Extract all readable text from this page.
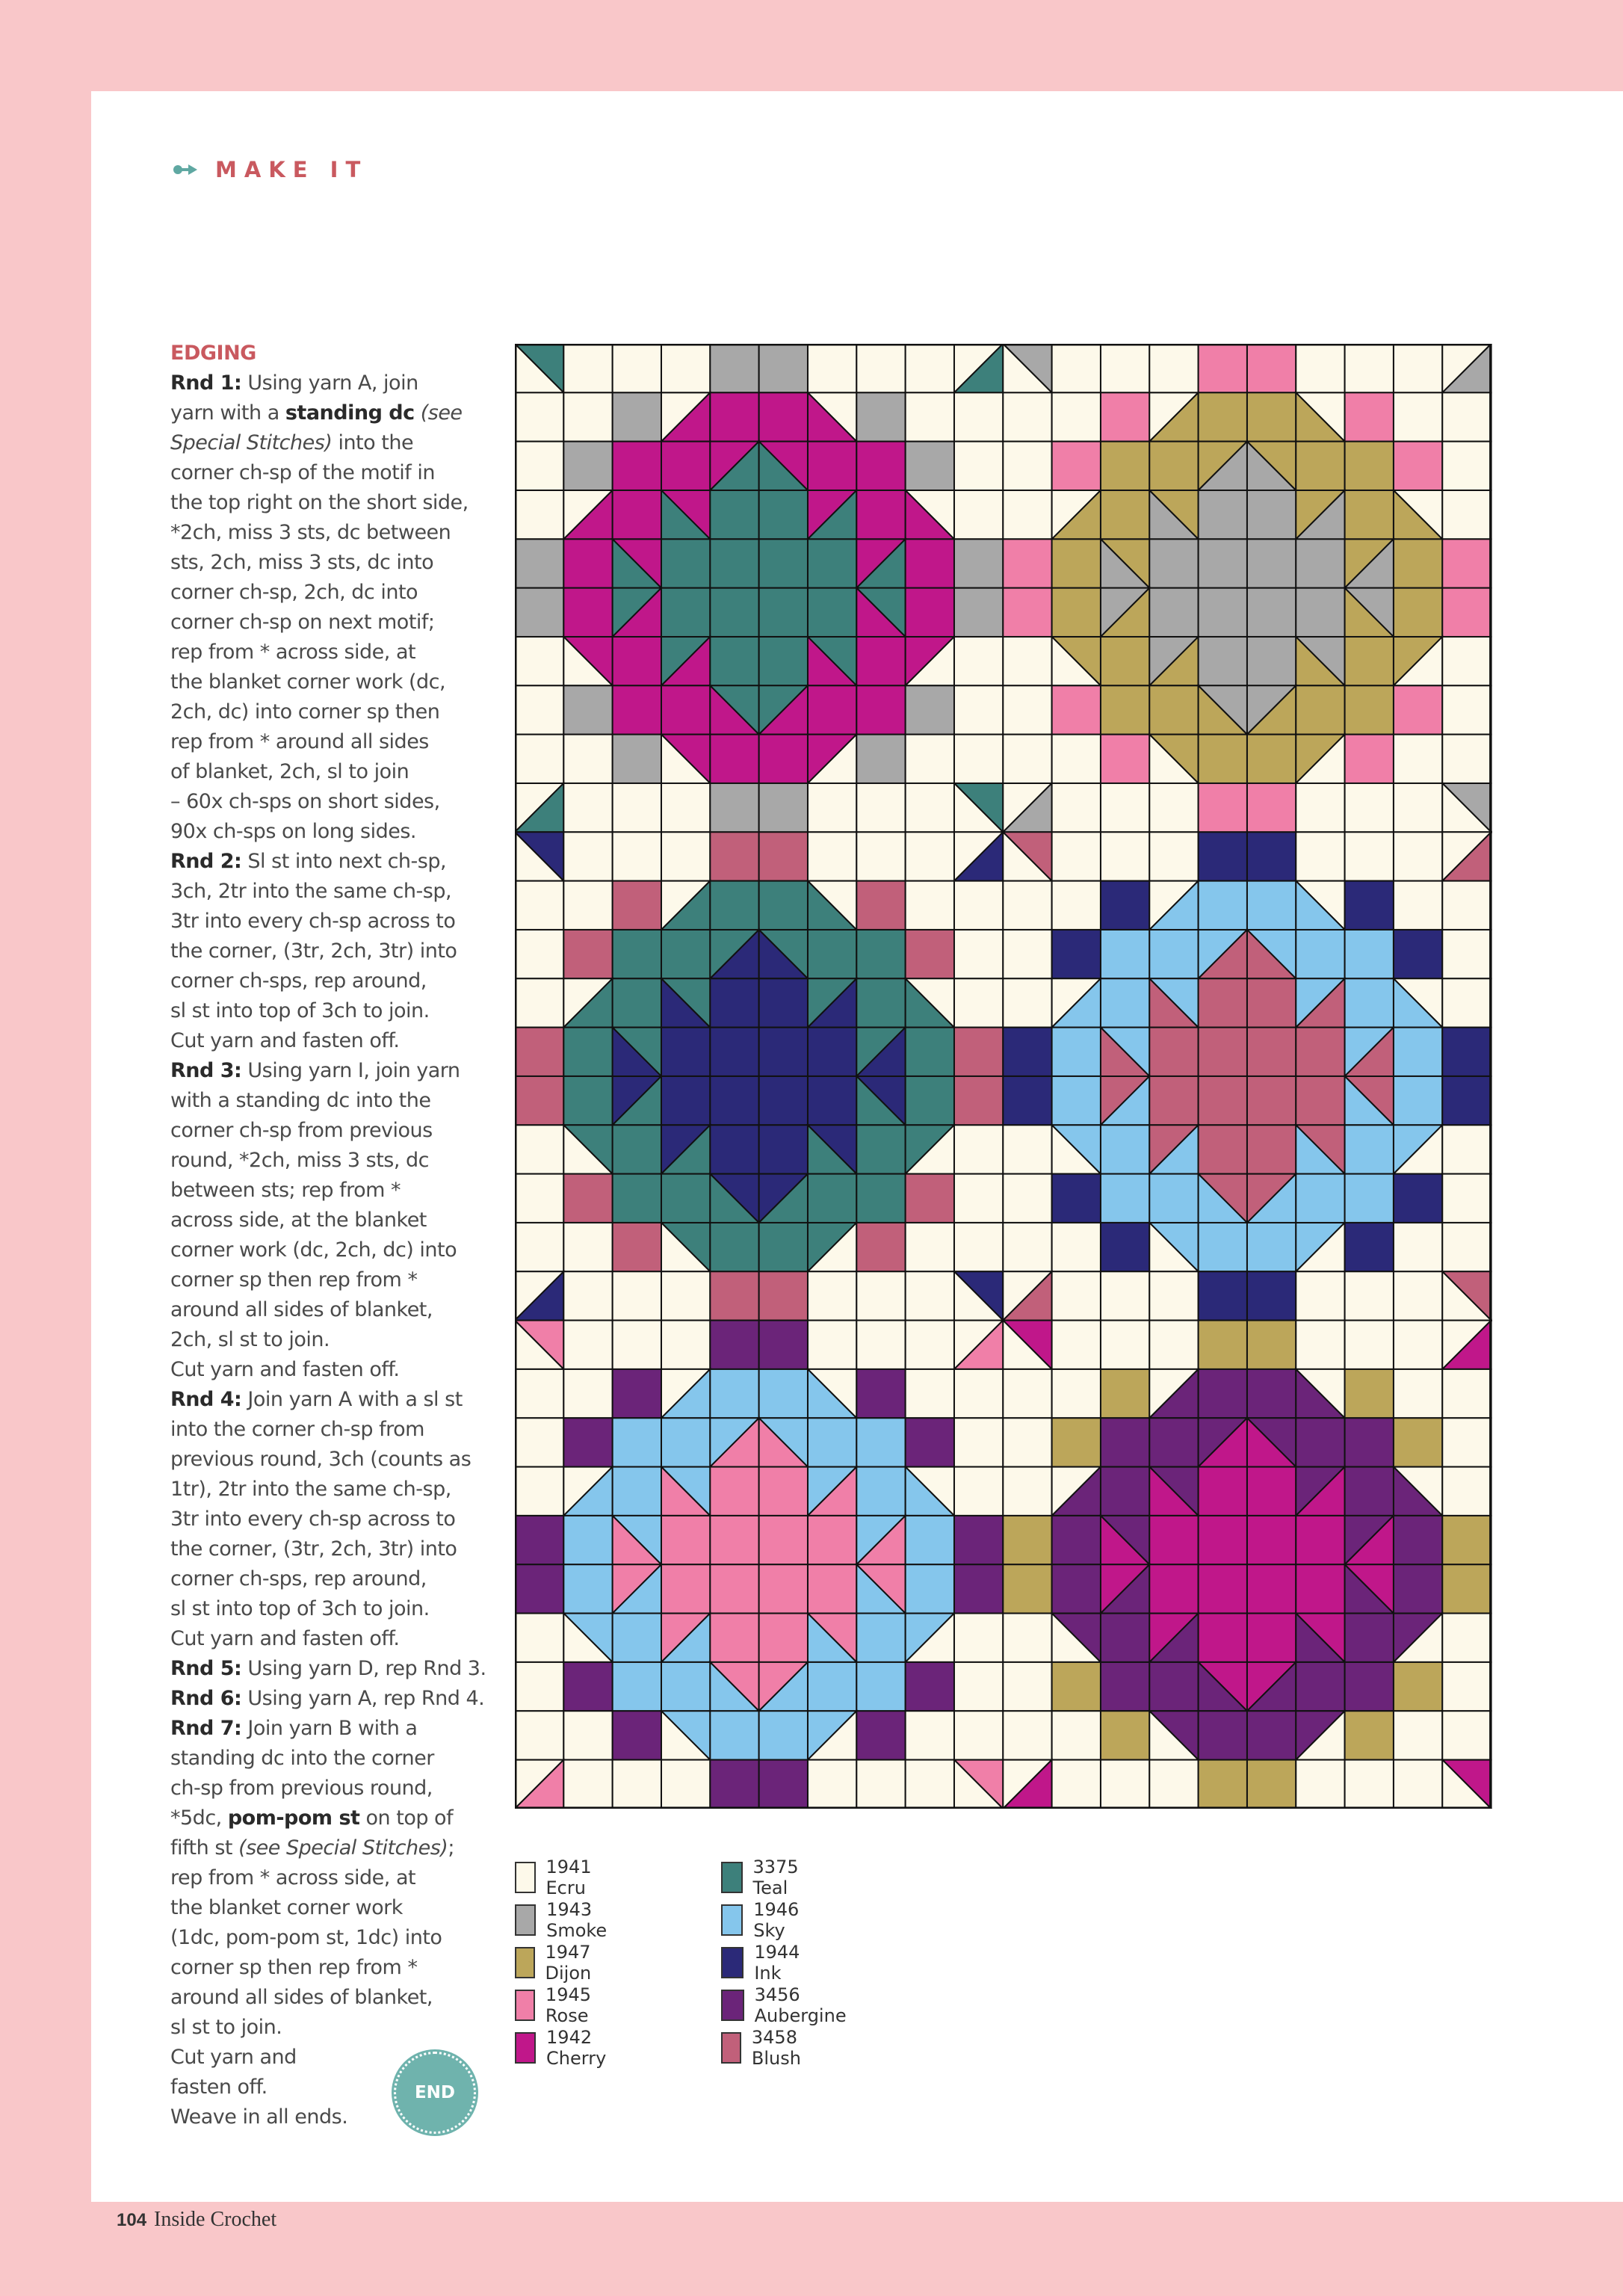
MAKE IT
EDGING
Rnd 1: Using yarn A, join
yarn with a standing dc (see
Special Stitches) into the
corner ch-sp of the motif in
the top right on the short side,
*2ch, miss 3 sts, dc between
sts, 2ch, miss 3 sts, dc into
corner ch-sp, 2ch, dc into
corner ch-sp on next motif;
rep from * across side, at
the blanket corner work (dc,
2ch, dc) into corner sp then
rep from * around all sides
of blanket, 2ch, sl to join
– 60x ch-sps on short sides,
90x ch-sps on long sides.
Rnd 2: Sl st into next ch-sp,
3ch, 2tr into the same ch-sp,
3tr into every ch-sp across to
the corner, (3tr, 2ch, 3tr) into
corner ch-sps, rep around,
sl st into top of 3ch to join.
Cut yarn and fasten off.
Rnd 3: Using yarn I, join yarn
with a standing dc into the
corner ch-sp from previous
round, *2ch, miss 3 sts, dc
between sts; rep from *
across side, at the blanket
corner work (dc, 2ch, dc) into
corner sp then rep from *
around all sides of blanket,
2ch, sl st to join.
Cut yarn and fasten off.
Rnd 4: Join yarn A with a sl st
into the corner ch-sp from
previous round, 3ch (counts as
1tr), 2tr into the same ch-sp,
3tr into every ch-sp across to
the corner, (3tr, 2ch, 3tr) into
corner ch-sps, rep around,
sl st into top of 3ch to join.
Cut yarn and fasten off.
Rnd 5: Using yarn D, rep Rnd 3.
Rnd 6: Using yarn A, rep Rnd 4.
Rnd 7: Join yarn B with a
standing dc into the corner
ch-sp from previous round,
*5dc, pom-pom st on top of
fifth st (see Special Stitches);
rep from * across side, at
the blanket corner work
(1dc, pom-pom st, 1dc) into
corner sp then rep from *
around all sides of blanket,
sl st to join.
Cut yarn and
fasten off.
Weave in all ends.
END
1941 Ecru
1943 Smoke
1947 Dijon
1945 Rose
1942 Cherry
3375 Teal
1946 Sky
1944 Ink
3456 Aubergine
3458 Blush
104 Inside Crochet
